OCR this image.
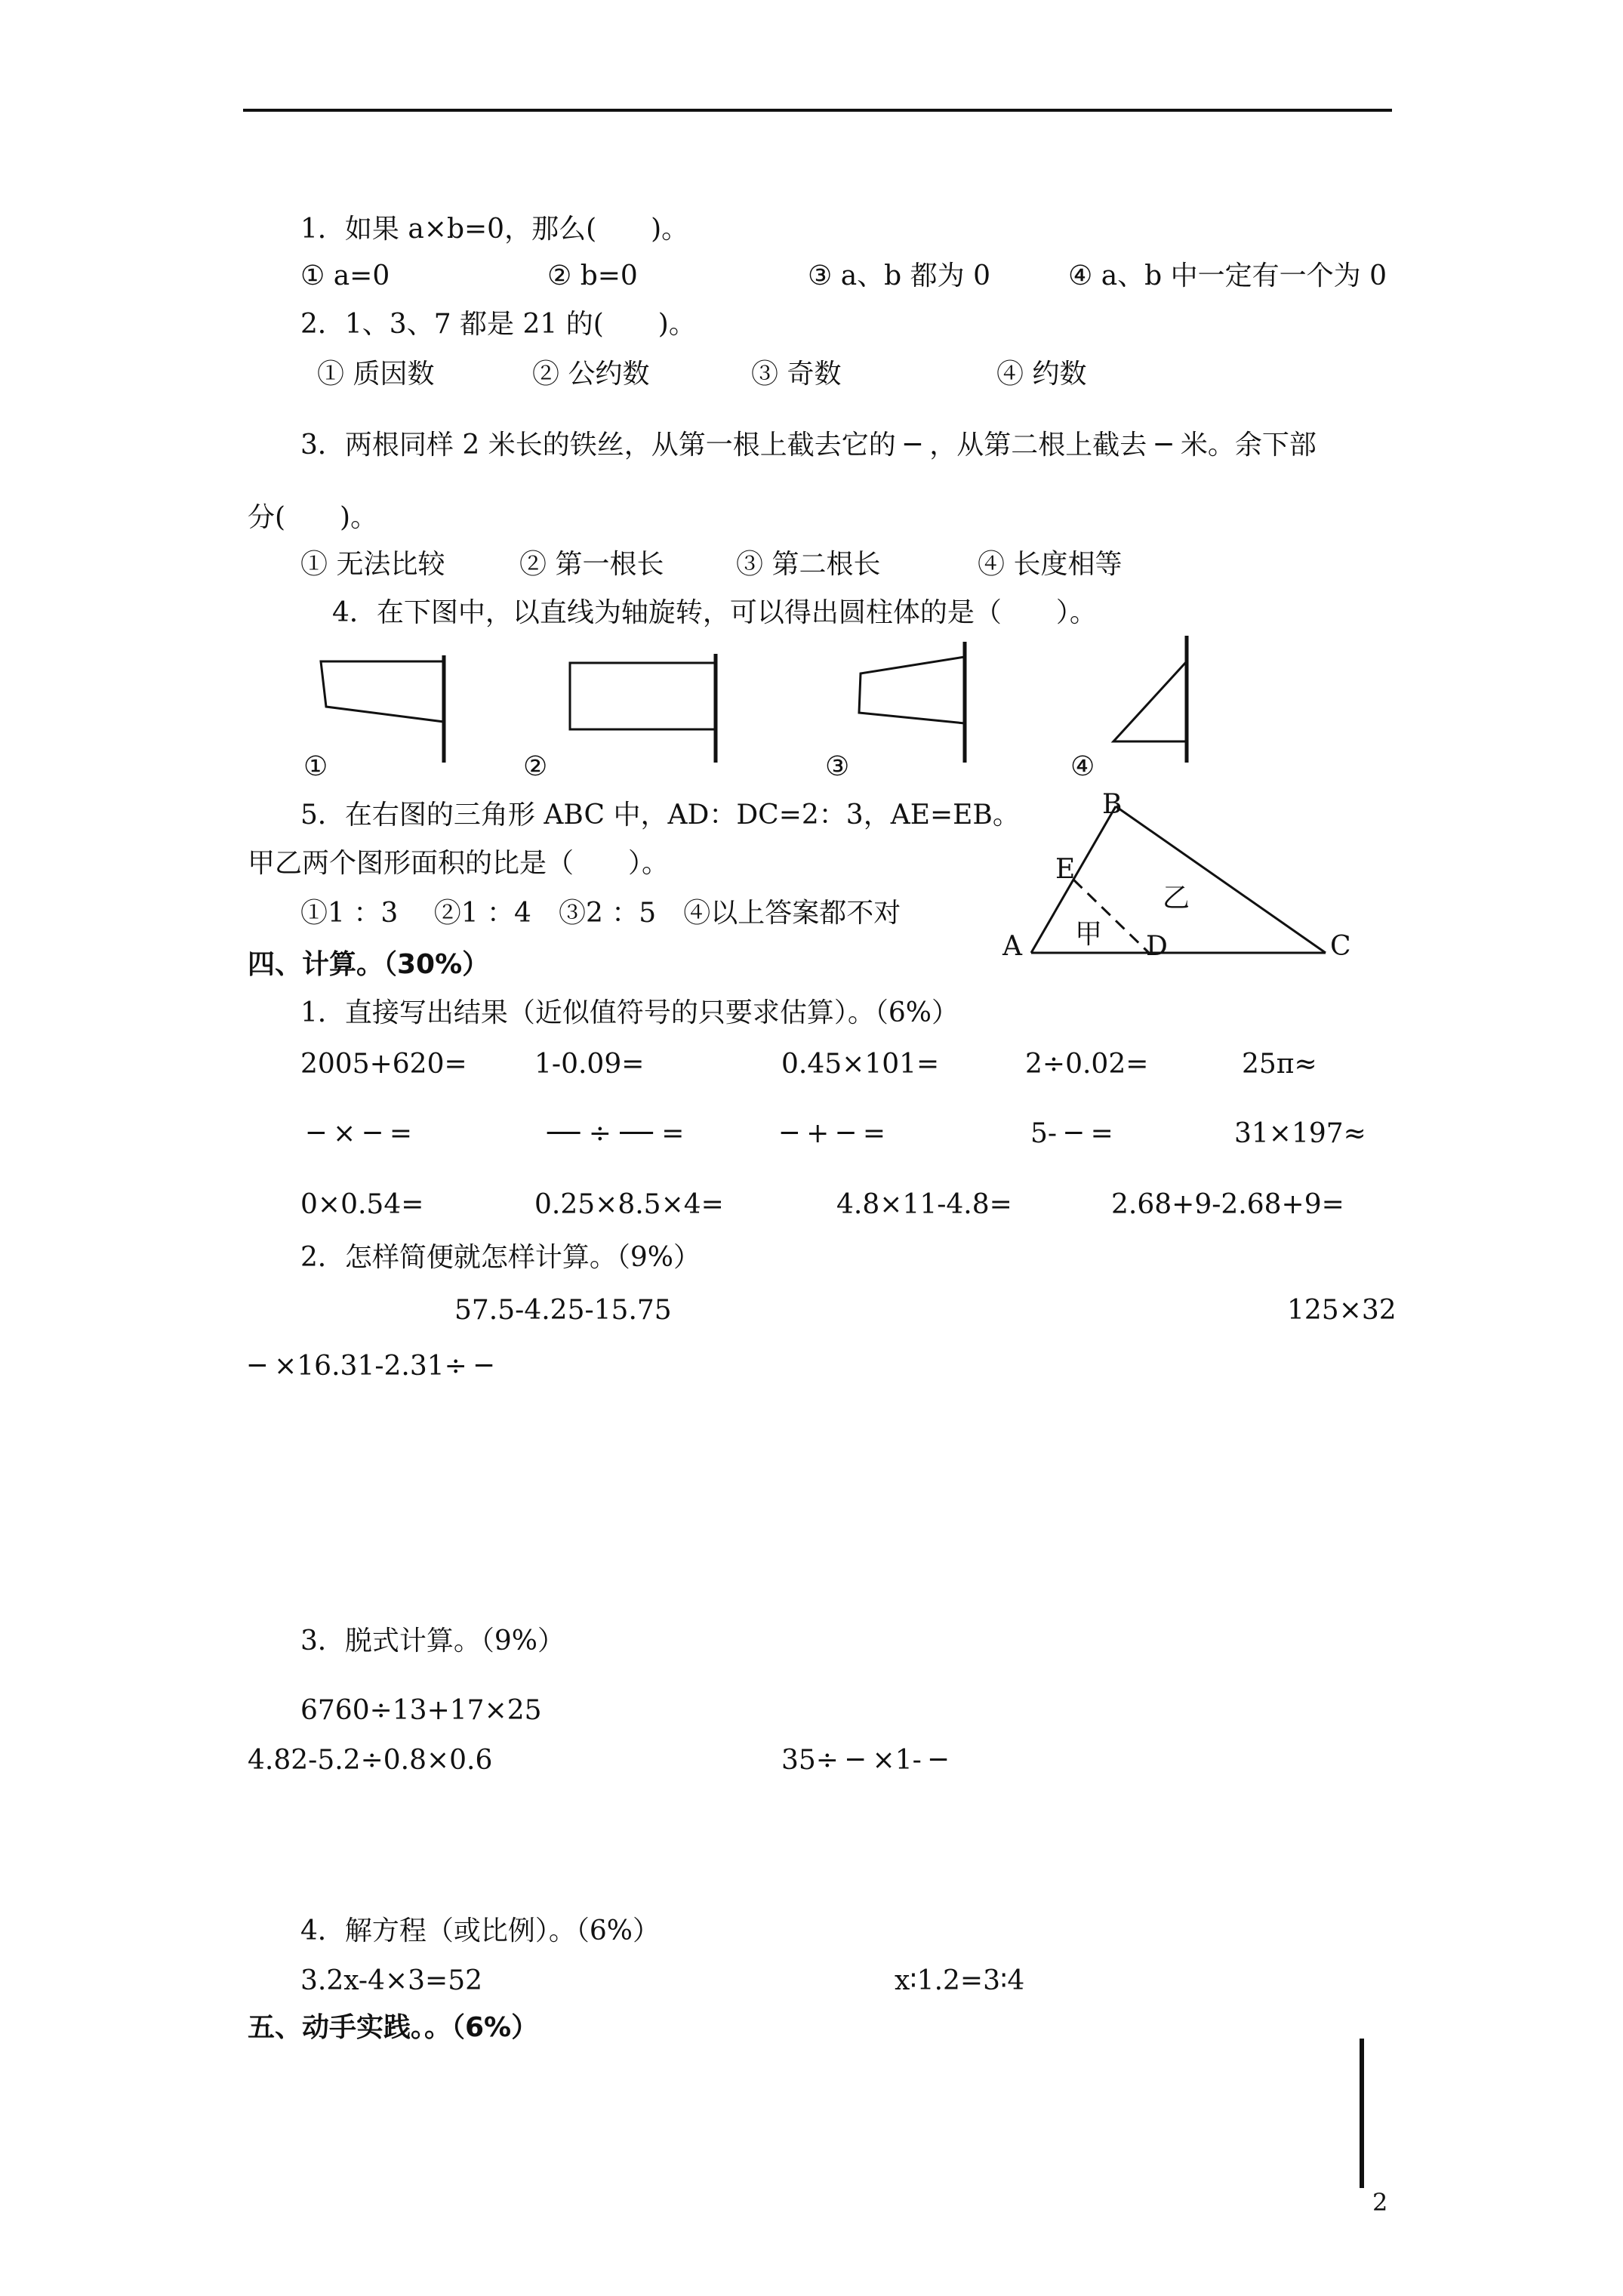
1．如果 a×b=0，那么(　　)。
① a=0	② b=0	③ a、b 都为 0	④ a、b 中一定有一个为 0
2．1、3、7 都是 21 的(　　)。
① 质因数	② 公约数	③ 奇数	④ 约数
3．两根同样 2 米长的铁丝，从第一根上截去它的 ─ ，从第二根上截去 ─ 米。余下部
分(　　)。
① 无法比较	② 第一根长	③ 第二根长	④ 长度相等
4．在下图中，以直线为轴旋转，可以得出圆柱体的是（　　）。
①	②	③	④
5．在右图的三角形 ABC 中，AD：DC=2：3，AE=EB。
甲乙两个图形面积的比是（　　）。
①1 ：3　 ②1 ：4　③2 ：5　④以上答案都不对
B
E
A	D	C
甲
乙
四、计算。（30%）
1．直接写出结果（近似值符号的只要求估算）。（6%）
2005+620= 1-0.09=	0.45×101=	2÷0.02=	25π≈
─ × ─ =	── ÷ ── =	─ + ─ =	5- ─ =	31×197≈
0×0.54=	0.25×8.5×4=	4.8×11-4.8=	2.68+9-2.68+9=
2．怎样简便就怎样计算。（9%）
57.5-4.25-15.75	125×32
─ ×16.31-2.31÷ ─
3．脱式计算。（9%）
6760÷13+17×25
4.82-5.2÷0.8×0.6	35÷ ─ ×1- ─
4．解方程（或比例）。（6%）
3.2x-4×3=52	x∶1.2=3∶4
五、动手实践。。（6%）
2
